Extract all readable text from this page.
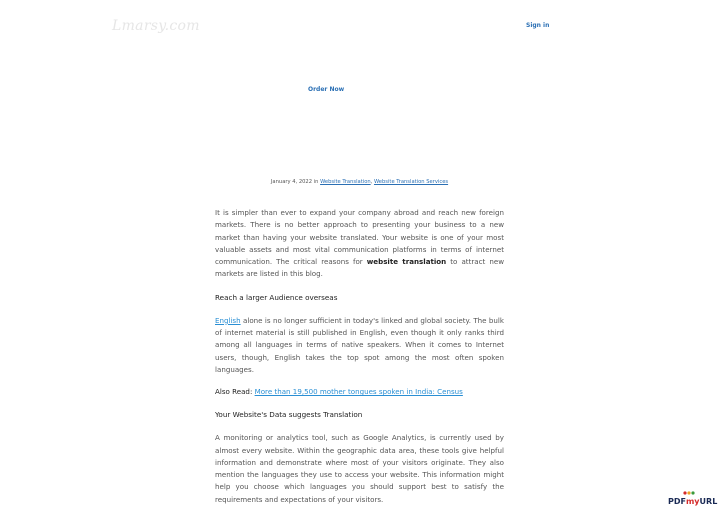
Lmarsy.com	Sign in
Order Now
January 4, 2022 in Website Translation, Website Translation Services

It is simpler than ever to expand your company abroad and reach new foreign markets. There is no better approach to presenting your business to a new market than having your website translated. Your website is one of your most valuable assets and most vital communication platforms in terms of internet communication. The critical reasons for website translation to attract new markets are listed in this blog.

Reach a larger Audience overseas

English alone is no longer sufficient in today's linked and global society. The bulk of internet material is still published in English, even though it only ranks third among all languages in terms of native speakers. When it comes to Internet users, though, English takes the top spot among the most often spoken languages.

Also Read: More than 19,500 mother tongues spoken in India: Census
Your Website's Data suggests Translation

A monitoring or analytics tool, such as Google Analytics, is currently used by almost every website. Within the geographic data area, these tools give helpful information and demonstrate where most of your visitors originate. They also mention the languages they use to access your website. This information might help you choose which languages you should support best to satisfy the requirements and expectations of your visitors.	PDFmyURL
